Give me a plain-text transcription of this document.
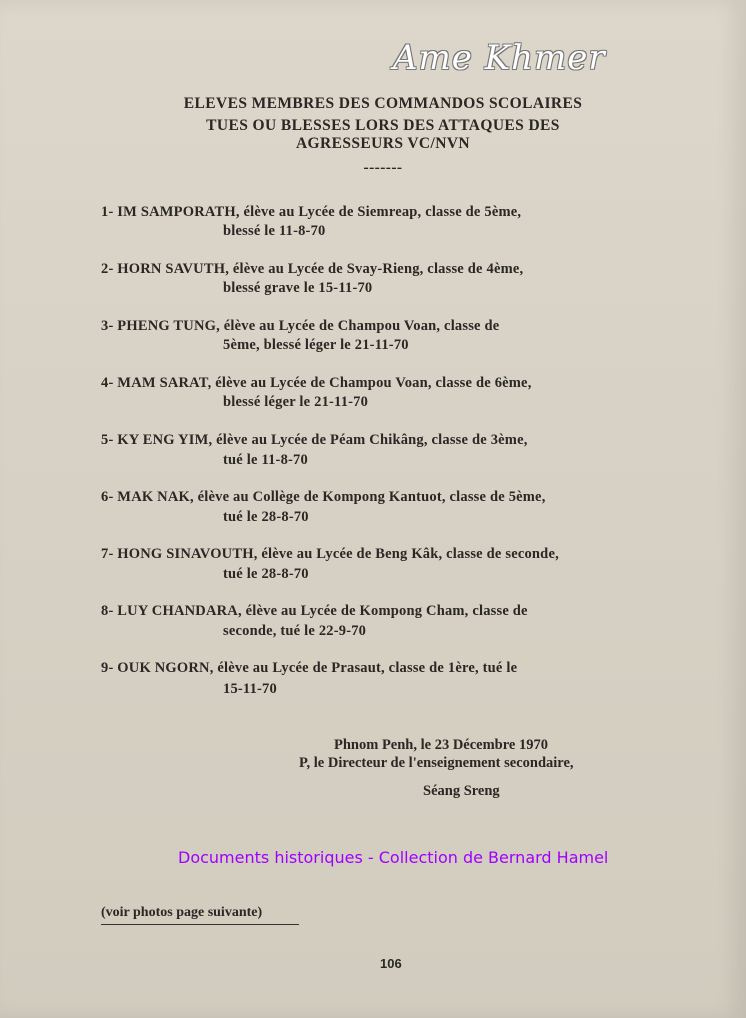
Ame Khmer
ELEVES MEMBRES DES COMMANDOS SCOLAIRES
TUES OU BLESSES LORS DES ATTAQUES DES
AGRESSEURS VC/NVN
-------
1- IM SAMPORATH, élève au Lycée de Siemreap, classe de 5ème,
blessé le 11-8-70
2- HORN SAVUTH, élève au Lycée de Svay-Rieng, classe de 4ème,
blessé grave le 15-11-70
3- PHENG TUNG, élève au Lycée de Champou Voan, classe de
5ème, blessé léger le 21-11-70
4- MAM SARAT, élève au Lycée de Champou Voan, classe de 6ème,
blessé léger le 21-11-70
5- KY ENG YIM, élève au Lycée de Péam Chikâng, classe de 3ème,
tué le 11-8-70
6- MAK NAK, élève au Collège de Kompong Kantuot, classe de 5ème,
tué le 28-8-70
7- HONG SINAVOUTH, élève au Lycée de Beng Kâk, classe de seconde,
tué le 28-8-70
8- LUY CHANDARA, élève au Lycée de Kompong Cham, classe de
seconde, tué le 22-9-70
9- OUK NGORN, élève au Lycée de Prasaut, classe de 1ère, tué le
15-11-70
Phnom Penh, le 23 Décembre 1970
P, le Directeur de l'enseignement secondaire,
Séang Sreng
Documents historiques - Collection de Bernard Hamel
(voir photos page suivante)
106
